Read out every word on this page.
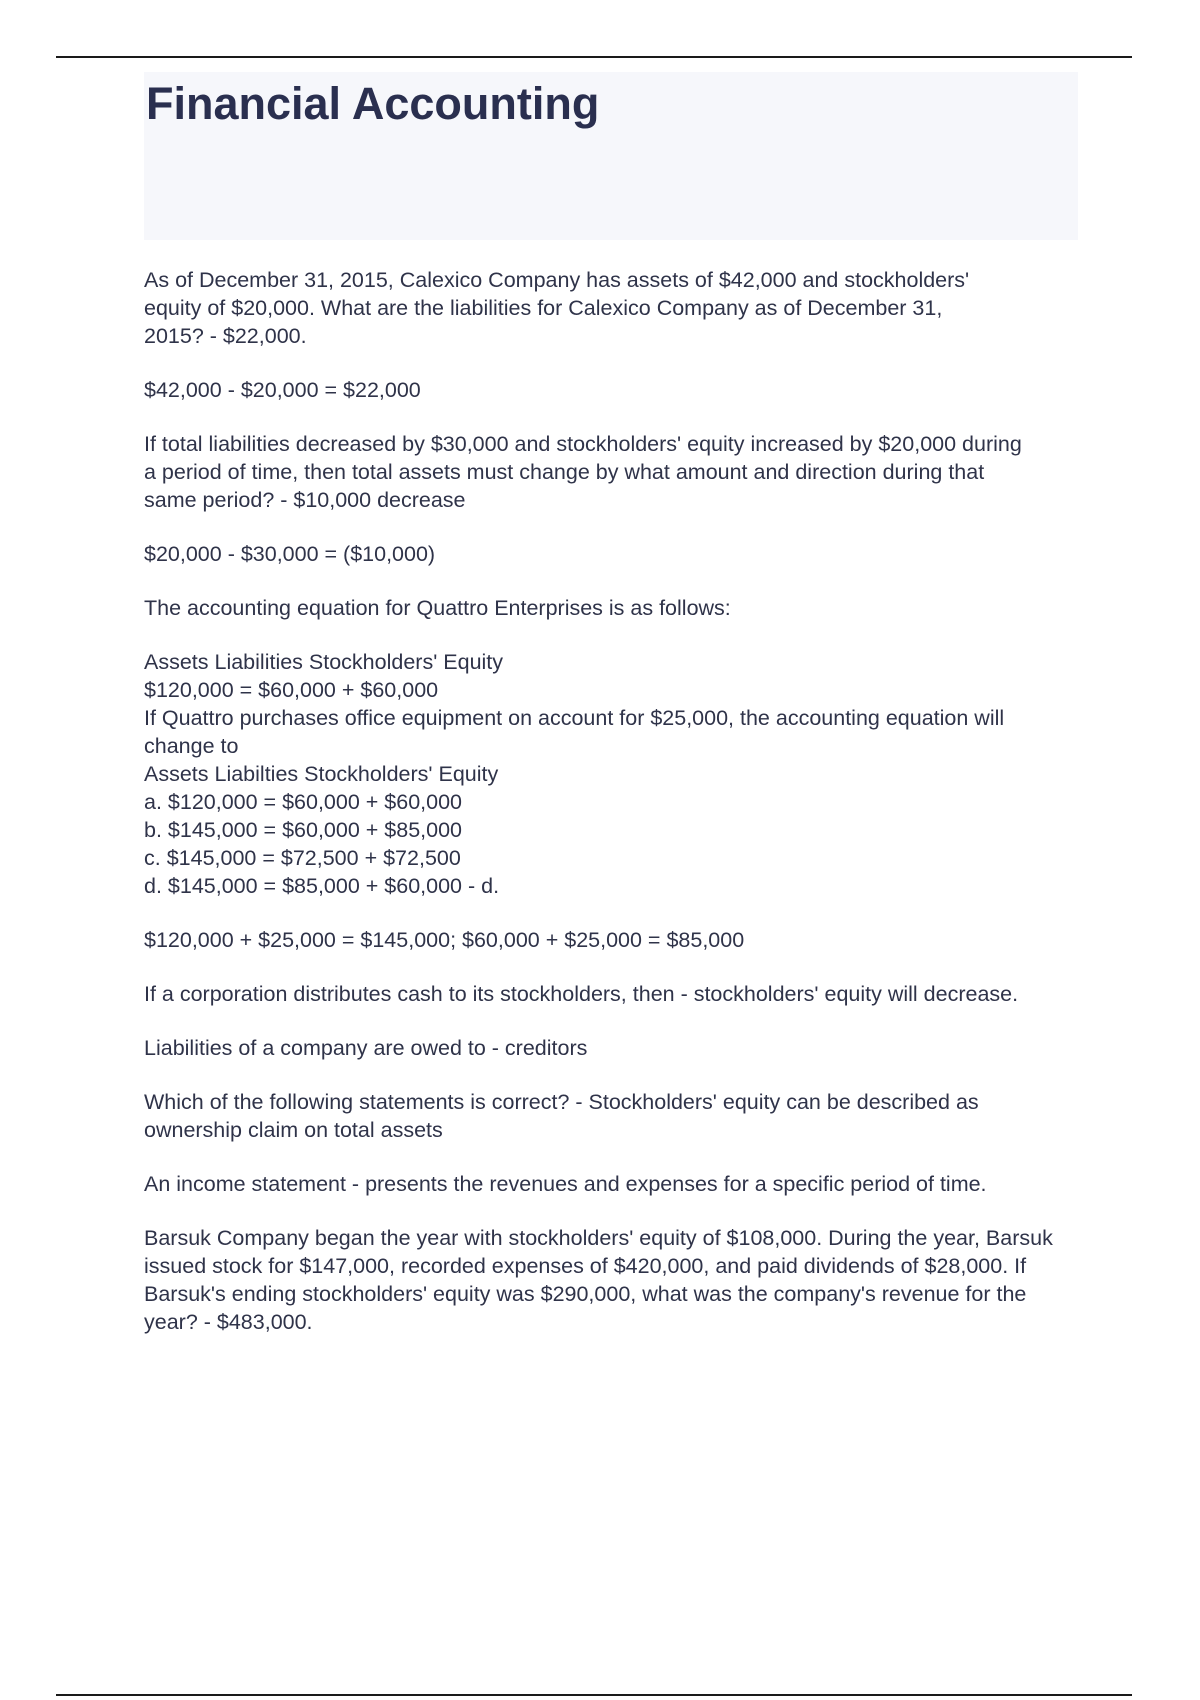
Financial Accounting

As of December 31, 2015, Calexico Company has assets of $42,000 and stockholders' equity of $20,000. What are the liabilities for Calexico Company as of December 31, 2015? - $22,000.

$42,000 - $20,000 = $22,000

If total liabilities decreased by $30,000 and stockholders' equity increased by $20,000 during a period of time, then total assets must change by what amount and direction during that same period? - $10,000 decrease

$20,000 - $30,000 = ($10,000)

The accounting equation for Quattro Enterprises is as follows:

Assets Liabilities Stockholders' Equity
$120,000 = $60,000 + $60,000
If Quattro purchases office equipment on account for $25,000, the accounting equation will change to
Assets Liabilties Stockholders' Equity
a. $120,000 = $60,000 + $60,000
b. $145,000 = $60,000 + $85,000
c. $145,000 = $72,500 + $72,500
d. $145,000 = $85,000 + $60,000 - d.

$120,000 + $25,000 = $145,000; $60,000 + $25,000 = $85,000

If a corporation distributes cash to its stockholders, then - stockholders' equity will decrease.

Liabilities of a company are owed to - creditors

Which of the following statements is correct? - Stockholders' equity can be described as ownership claim on total assets

An income statement - presents the revenues and expenses for a specific period of time.

Barsuk Company began the year with stockholders' equity of $108,000. During the year, Barsuk issued stock for $147,000, recorded expenses of $420,000, and paid dividends of $28,000. If Barsuk's ending stockholders' equity was $290,000, what was the company's revenue for the year? - $483,000.
